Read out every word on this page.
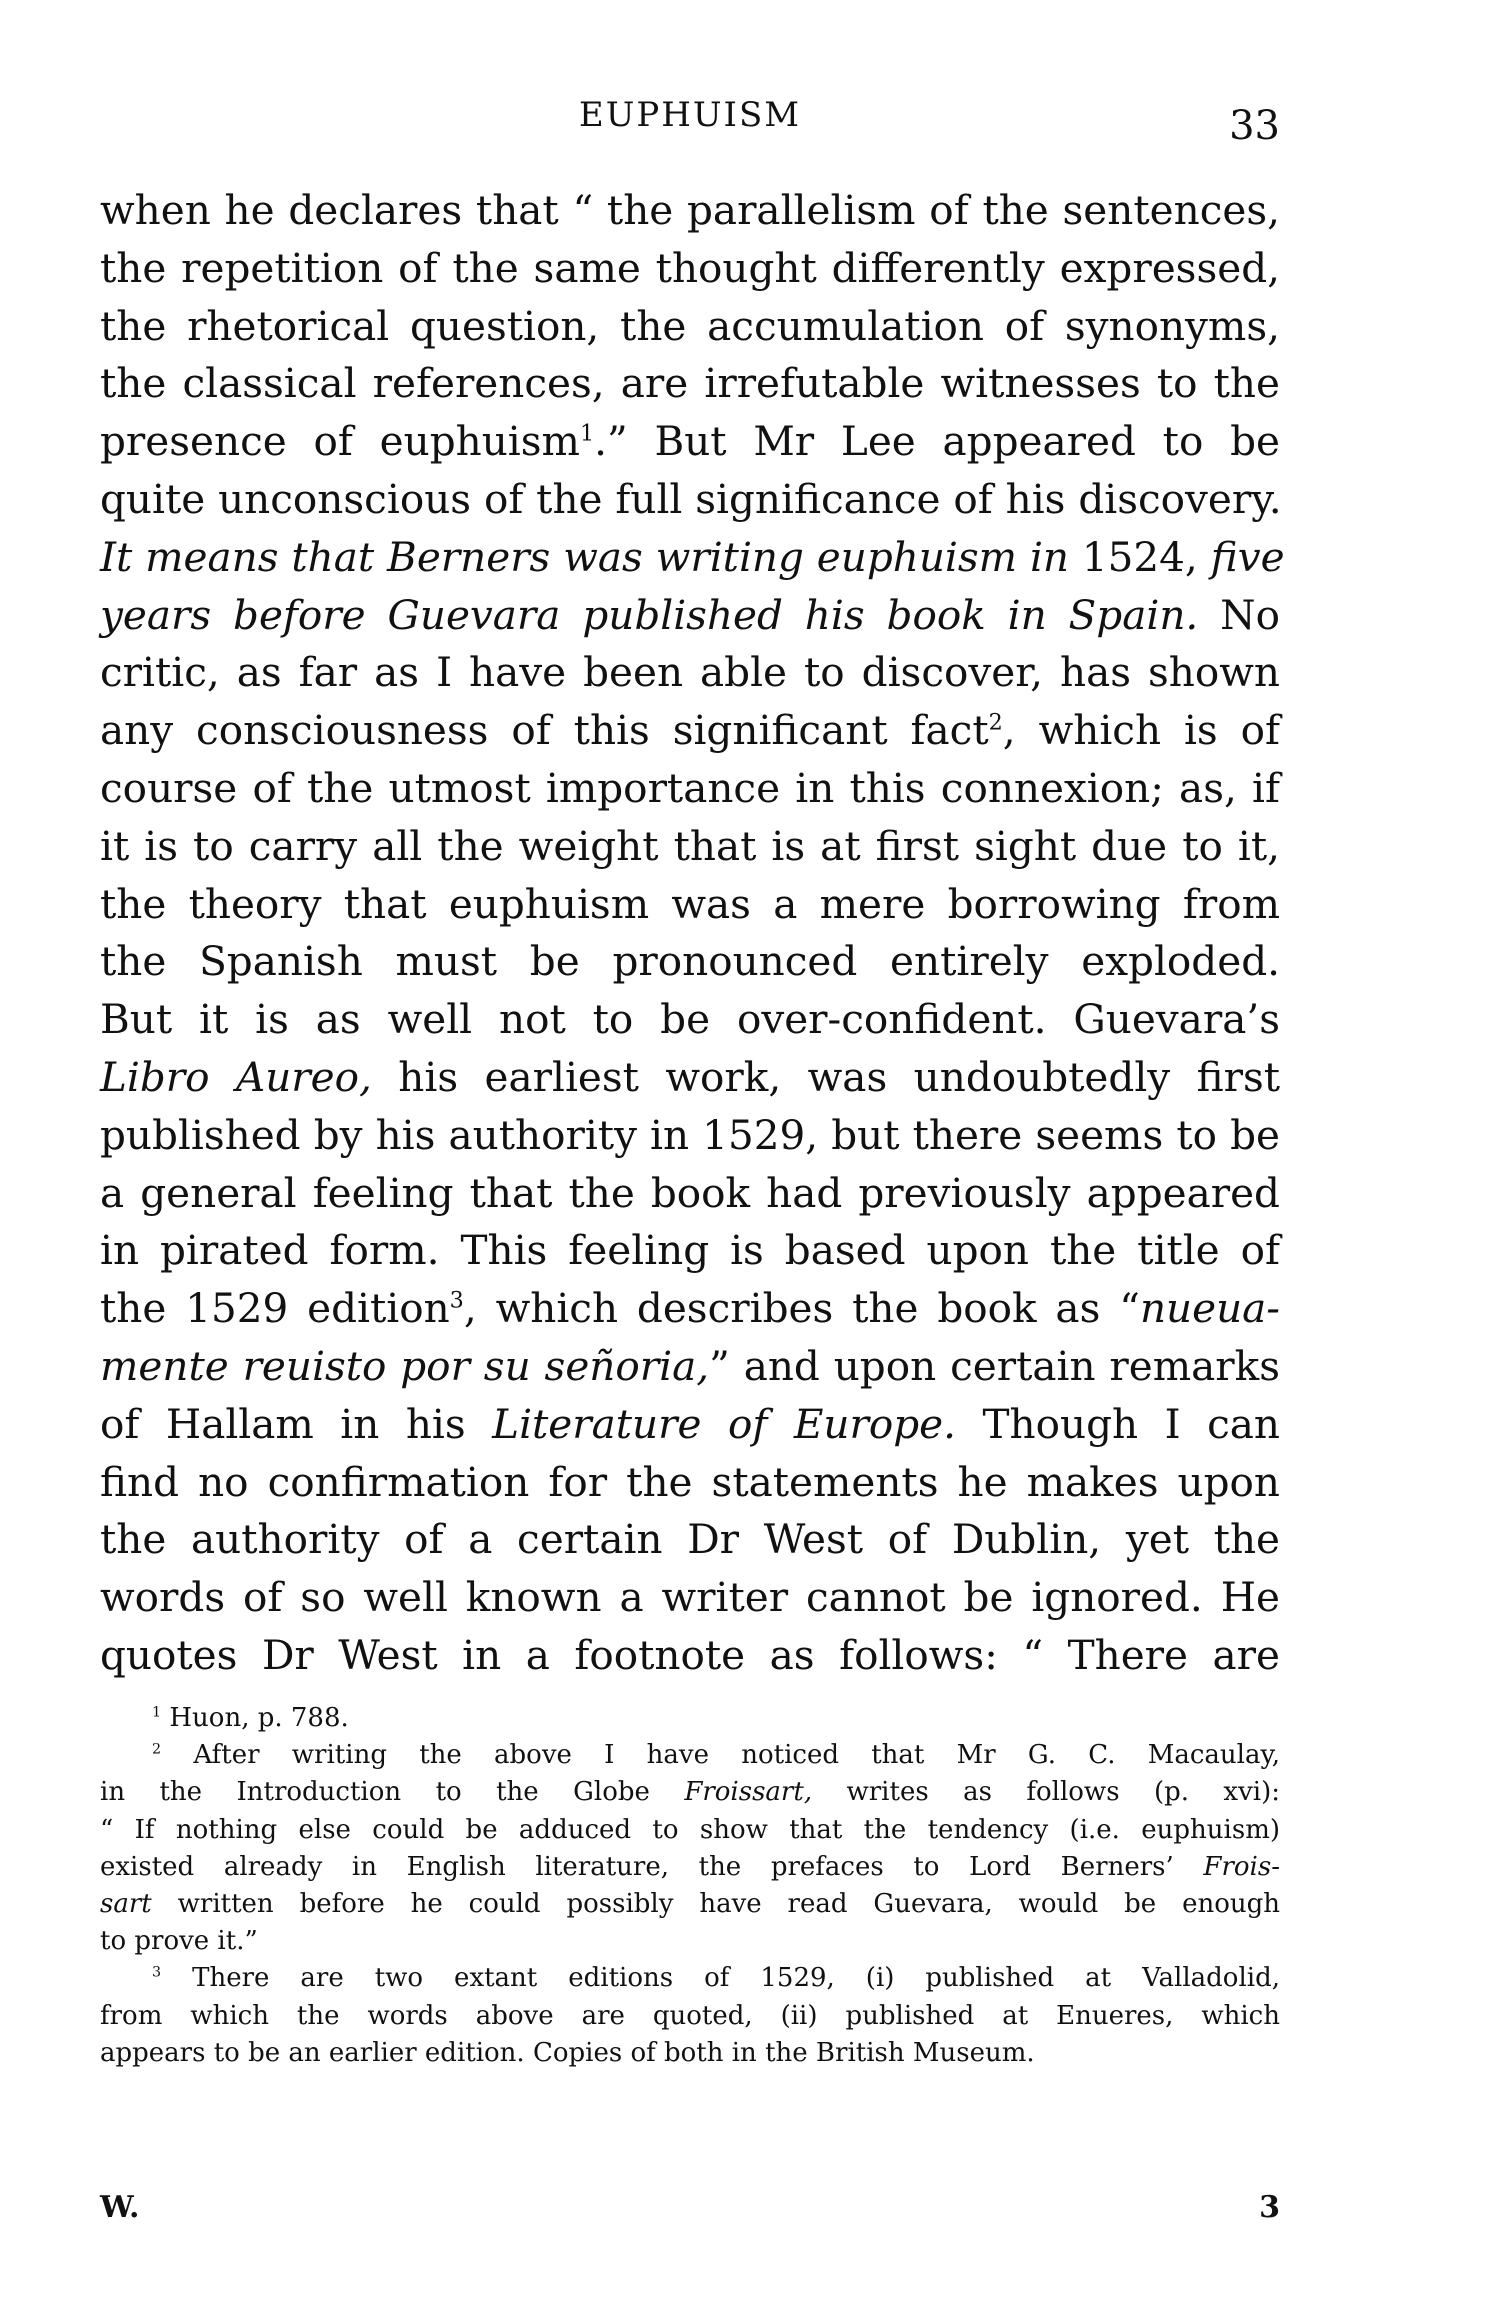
EUPHUISM	33
when he declares that “ the parallelism of the sentences,
the repetition of the same thought differently expressed,
the rhetorical question, the accumulation of synonyms,
the classical references, are irrefutable witnesses to the
presence of euphuism$^1$.” But Mr Lee appeared to be
quite unconscious of the full significance of his discovery.
It means that Berners was writing euphuism in 1524, five
years before Guevara published his book in Spain. No
critic, as far as I have been able to discover, has shown
any consciousness of this significant fact$^2$, which is of
course of the utmost importance in this connexion; as, if
it is to carry all the weight that is at first sight due to it,
the theory that euphuism was a mere borrowing from
the Spanish must be pronounced entirely exploded.
But it is as well not to be over-confident. Guevara’s
Libro Aureo, his earliest work, was undoubtedly first
published by his authority in 1529, but there seems to be
a general feeling that the book had previously appeared
in pirated form. This feeling is based upon the title of
the 1529 edition$^3$, which describes the book as “nueua-
mente reuisto por su señoria,” and upon certain remarks
of Hallam in his Literature of Europe. Though I can
find no confirmation for the statements he makes upon
the authority of a certain Dr West of Dublin, yet the
words of so well known a writer cannot be ignored. He
quotes Dr West in a footnote as follows: “ There are
$^1$ Huon, p. 788.
$^2$ After writing the above I have noticed that Mr G. C. Macaulay,
in the Introduction to the Globe Froissart, writes as follows (p. xvi):
“ If nothing else could be adduced to show that the tendency (i.e. euphuism)
existed already in English literature, the prefaces to Lord Berners’ Frois-
sart written before he could possibly have read Guevara, would be enough
to prove it.”
$^3$ There are two extant editions of 1529, (i) published at Valladolid,
from which the words above are quoted, (ii) published at Enueres, which
appears to be an earlier edition. Copies of both in the British Museum.
W.	3
